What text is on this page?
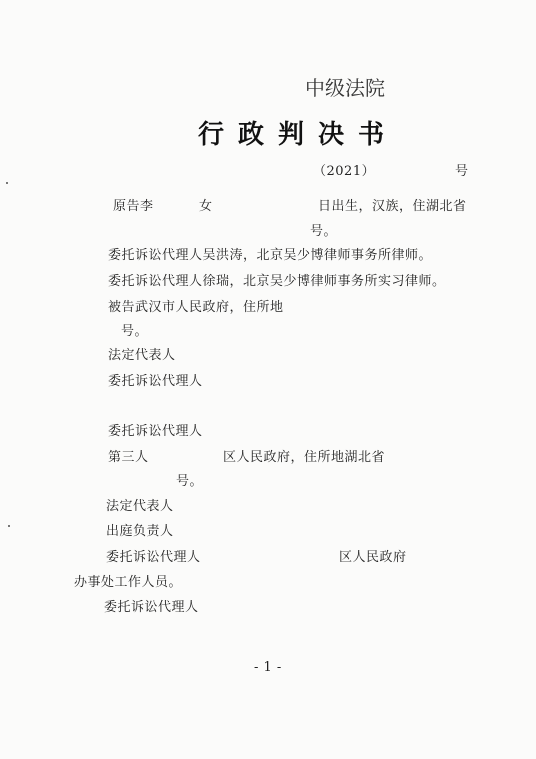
中级法院
行政判决书
（2021）	号
原告李	女	日出生，汉族，住湖北省
号。
委托诉讼代理人吴洪涛，北京吴少博律师事务所律师。
委托诉讼代理人徐瑞，北京吴少博律师事务所实习律师。
被告武汉市人民政府，住所地
号。
法定代表人
委托诉讼代理人
委托诉讼代理人
第三人	区人民政府，住所地湖北省
号。
法定代表人
出庭负责人
委托诉讼代理人	区人民政府
办事处工作人员。
委托诉讼代理人
- 1 -
